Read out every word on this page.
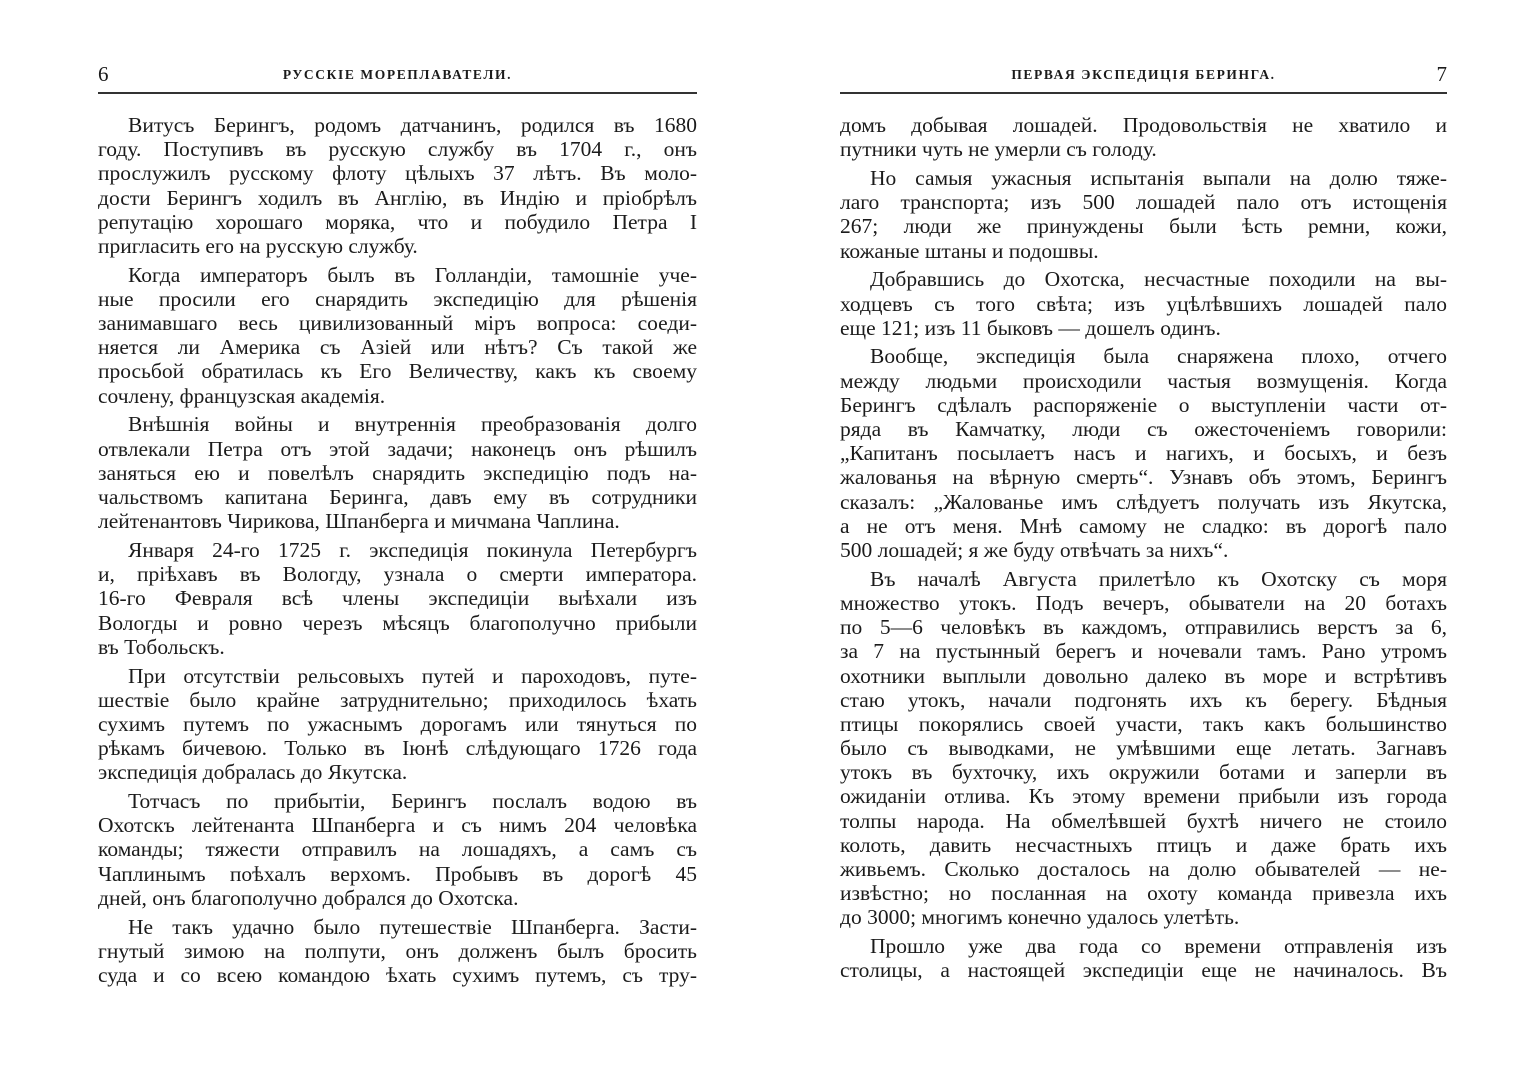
6	РУССКІЕ МОРЕПЛАВАТЕЛИ.
Витусъ Берингъ, родомъ датчанинъ, родился въ 1680
году. Поступивъ въ русскую службу въ 1704 г., онъ
прослужилъ русскому флоту цѣлыхъ 37 лѣтъ. Въ моло-
дости Берингъ ходилъ въ Англію, въ Индію и пріобрѣлъ
репутацію хорошаго моряка, что и побудило Петра I
пригласить его на русскую службу.
Когда императоръ былъ въ Голландіи, тамошніе уче-
ные просили его снарядить экспедицію для рѣшенія
занимавшаго весь цивилизованный міръ вопроса: соеди-
няется ли Америка съ Азіей или нѣтъ? Съ такой же
просьбой обратилась къ Его Величеству, какъ къ своему
сочлену, французская академія.
Внѣшнія войны и внутреннія преобразованія долго
отвлекали Петра отъ этой задачи; наконецъ онъ рѣшилъ
заняться ею и повелѣлъ снарядить экспедицію подъ на-
чальствомъ капитана Беринга, давъ ему въ сотрудники
лейтенантовъ Чирикова, Шпанберга и мичмана Чаплина.
Января 24-го 1725 г. экспедиція покинула Петербургъ
и, пріѣхавъ въ Вологду, узнала о смерти императора.
16-го Февраля всѣ члены экспедиціи выѣхали изъ
Вологды и ровно черезъ мѣсяцъ благополучно прибыли
въ Тобольскъ.
При отсутствіи рельсовыхъ путей и пароходовъ, путе-
шествіе было крайне затруднительно; приходилось ѣхать
сухимъ путемъ по ужаснымъ дорогамъ или тянуться по
рѣкамъ бичевою. Только въ Іюнѣ слѣдующаго 1726 года
экспедиція добралась до Якутска.
Тотчасъ по прибытіи, Берингъ послалъ водою въ
Охотскъ лейтенанта Шпанберга и съ нимъ 204 человѣка
команды; тяжести отправилъ на лошадяхъ, а самъ съ
Чаплинымъ поѣхалъ верхомъ. Пробывъ въ дорогѣ 45
дней, онъ благополучно добрался до Охотска.
Не такъ удачно было путешествіе Шпанберга. Засти-
гнутый зимою на полпути, онъ долженъ былъ бросить
суда и со всею командою ѣхать сухимъ путемъ, съ тру-
ПЕРВАЯ ЭКСПЕДИЦІЯ БЕРИНГА.	7
домъ добывая лошадей. Продовольствія не хватило и
путники чуть не умерли съ голоду.
Но самыя ужасныя испытанія выпали на долю тяже-
лаго транспорта; изъ 500 лошадей пало отъ истощенія
267; люди же принуждены были ѣсть ремни, кожи,
кожаные штаны и подошвы.
Добравшись до Охотска, несчастные походили на вы-
ходцевъ съ того свѣта; изъ уцѣлѣвшихъ лошадей пало
еще 121; изъ 11 быковъ — дошелъ одинъ.
Вообще, экспедиція была снаряжена плохо, отчего
между людьми происходили частыя возмущенія. Когда
Берингъ сдѣлалъ распоряженіе о выступленіи части от-
ряда въ Камчатку, люди съ ожесточеніемъ говорили:
„Капитанъ посылаетъ насъ и нагихъ, и босыхъ, и безъ
жалованья на вѣрную смерть“. Узнавъ объ этомъ, Берингъ
сказалъ: „Жалованье имъ слѣдуетъ получать изъ Якутска,
а не отъ меня. Мнѣ самому не сладко: въ дорогѣ пало
500 лошадей; я же буду отвѣчать за нихъ“.
Въ началѣ Августа прилетѣло къ Охотску съ моря
множество утокъ. Подъ вечеръ, обыватели на 20 ботахъ
по 5—6 человѣкъ въ каждомъ, отправились верстъ за 6,
за 7 на пустынный берегъ и ночевали тамъ. Рано утромъ
охотники выплыли довольно далеко въ море и встрѣтивъ
стаю утокъ, начали подгонять ихъ къ берегу. Бѣдныя
птицы покорялись своей участи, такъ какъ большинство
было съ выводками, не умѣвшими еще летать. Загнавъ
утокъ въ бухточку, ихъ окружили ботами и заперли въ
ожиданіи отлива. Къ этому времени прибыли изъ города
толпы народа. На обмелѣвшей бухтѣ ничего не стоило
колоть, давить несчастныхъ птицъ и даже брать ихъ
живьемъ. Сколько досталось на долю обывателей — не-
извѣстно; но посланная на охоту команда привезла ихъ
до 3000; многимъ конечно удалось улетѣть.
Прошло уже два года со времени отправленія изъ
столицы, а настоящей экспедиціи еще не начиналось. Въ
